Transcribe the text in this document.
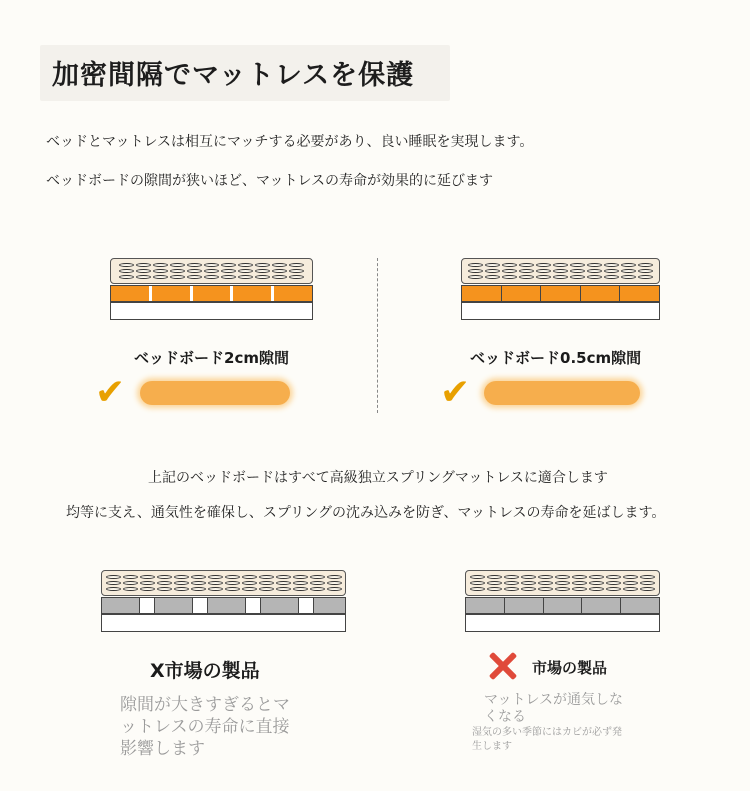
加密間隔でマットレスを保護
ベッドとマットレスは相互にマッチする必要があり、良い睡眠を実現します。
ベッドボードの隙間が狭いほど、マットレスの寿命が効果的に延びます
ベッドボード2cm隙間	ベッドボード0.5cm隙間
✔	✔
上記のベッドボードはすべて高級独立スプリングマットレスに適合します
均等に支え、通気性を確保し、スプリングの沈み込みを防ぎ、マットレスの寿命を延ばします。
X市場の製品
隙間が大きすぎるとマ
ットレスの寿命に直接
影響します
市場の製品
マットレスが通気しな
くなる
湿気の多い季節にはカビが必ず発
生します
